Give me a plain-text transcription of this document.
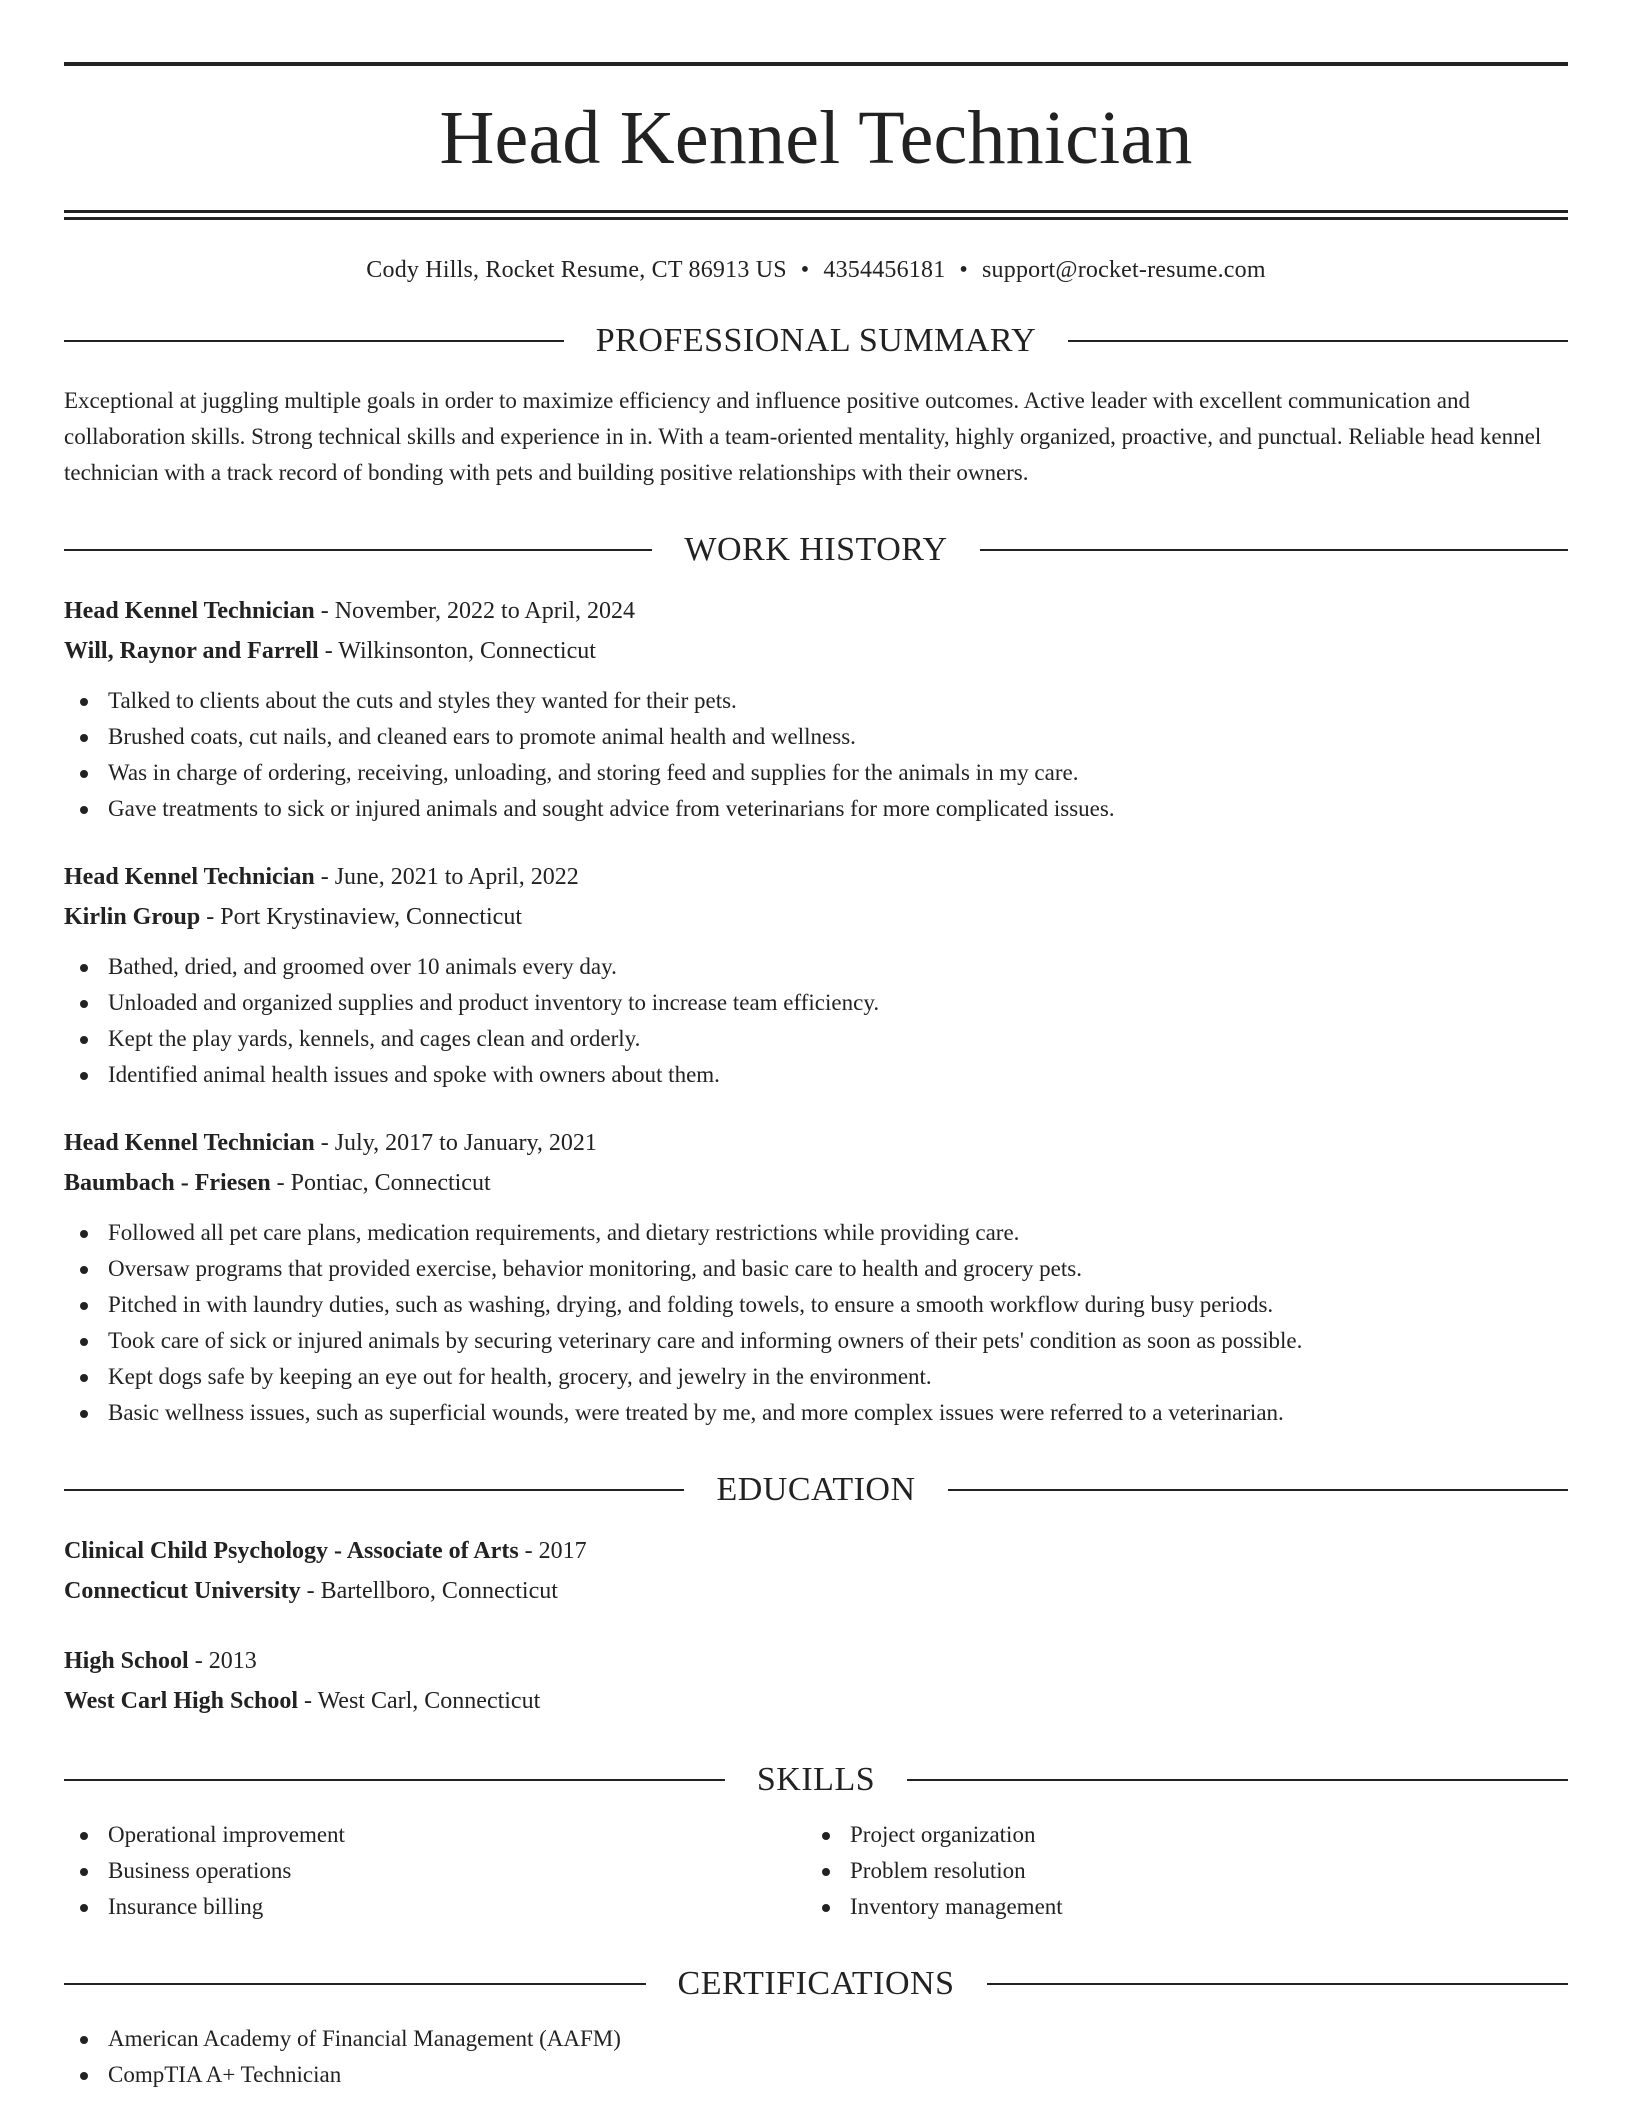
Head Kennel Technician
Cody Hills, Rocket Resume, CT 86913 US • 4354456181 • support@rocket-resume.com
PROFESSIONAL SUMMARY
Exceptional at juggling multiple goals in order to maximize efficiency and influence positive outcomes. Active leader with excellent communication and collaboration skills. Strong technical skills and experience in in. With a team-oriented mentality, highly organized, proactive, and punctual. Reliable head kennel technician with a track record of bonding with pets and building positive relationships with their owners.
WORK HISTORY
Head Kennel Technician - November, 2022 to April, 2024
Will, Raynor and Farrell - Wilkinsonton, Connecticut
Talked to clients about the cuts and styles they wanted for their pets.
Brushed coats, cut nails, and cleaned ears to promote animal health and wellness.
Was in charge of ordering, receiving, unloading, and storing feed and supplies for the animals in my care.
Gave treatments to sick or injured animals and sought advice from veterinarians for more complicated issues.
Head Kennel Technician - June, 2021 to April, 2022
Kirlin Group - Port Krystinaview, Connecticut
Bathed, dried, and groomed over 10 animals every day.
Unloaded and organized supplies and product inventory to increase team efficiency.
Kept the play yards, kennels, and cages clean and orderly.
Identified animal health issues and spoke with owners about them.
Head Kennel Technician - July, 2017 to January, 2021
Baumbach - Friesen - Pontiac, Connecticut
Followed all pet care plans, medication requirements, and dietary restrictions while providing care.
Oversaw programs that provided exercise, behavior monitoring, and basic care to health and grocery pets.
Pitched in with laundry duties, such as washing, drying, and folding towels, to ensure a smooth workflow during busy periods.
Took care of sick or injured animals by securing veterinary care and informing owners of their pets' condition as soon as possible.
Kept dogs safe by keeping an eye out for health, grocery, and jewelry in the environment.
Basic wellness issues, such as superficial wounds, were treated by me, and more complex issues were referred to a veterinarian.
EDUCATION
Clinical Child Psychology - Associate of Arts - 2017
Connecticut University - Bartellboro, Connecticut
High School - 2013
West Carl High School - West Carl, Connecticut
SKILLS
Operational improvement
Business operations
Insurance billing
Project organization
Problem resolution
Inventory management
CERTIFICATIONS
American Academy of Financial Management (AAFM)
CompTIA A+ Technician
